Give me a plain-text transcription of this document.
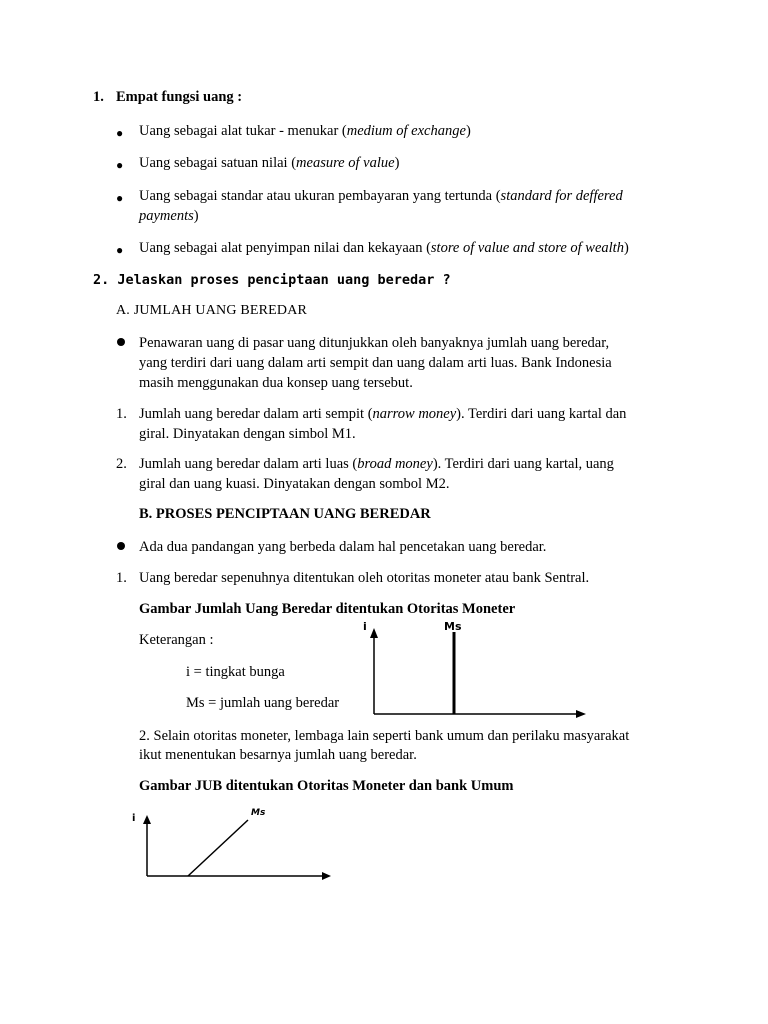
1. Empat fungsi uang :
● Uang sebagai alat tukar - menukar (medium of exchange)
● Uang sebagai satuan nilai (measure of value)
● Uang sebagai standar atau ukuran pembayaran yang tertunda (standard for deffered
payments)
● Uang sebagai alat penyimpan nilai dan kekayaan (store of value and store of wealth)
2. Jelaskan proses penciptaan uang beredar ?
A. JUMLAH UANG BEREDAR
Penawaran uang di pasar uang ditunjukkan oleh banyaknya jumlah uang beredar,
yang terdiri dari uang dalam arti sempit dan uang dalam arti luas. Bank Indonesia
masih menggunakan dua konsep uang tersebut.
1. Jumlah uang beredar dalam arti sempit (narrow money). Terdiri dari uang kartal dan
giral. Dinyatakan dengan simbol M1.
2. Jumlah uang beredar dalam arti luas (broad money). Terdiri dari uang kartal, uang
giral dan uang kuasi. Dinyatakan dengan sombol M2.
B. PROSES PENCIPTAAN UANG BEREDAR
Ada dua pandangan yang berbeda dalam hal pencetakan uang beredar.
1. Uang beredar sepenuhnya ditentukan oleh otoritas moneter atau bank Sentral.
Gambar Jumlah Uang Beredar ditentukan Otoritas Moneter
Keterangan :
i = tingkat bunga
Ms = jumlah uang beredar
i	Ms
2. Selain otoritas moneter, lembaga lain seperti bank umum dan perilaku masyarakat
ikut menentukan besarnya jumlah uang beredar.
Gambar JUB ditentukan Otoritas Moneter dan bank Umum
i	Ms
